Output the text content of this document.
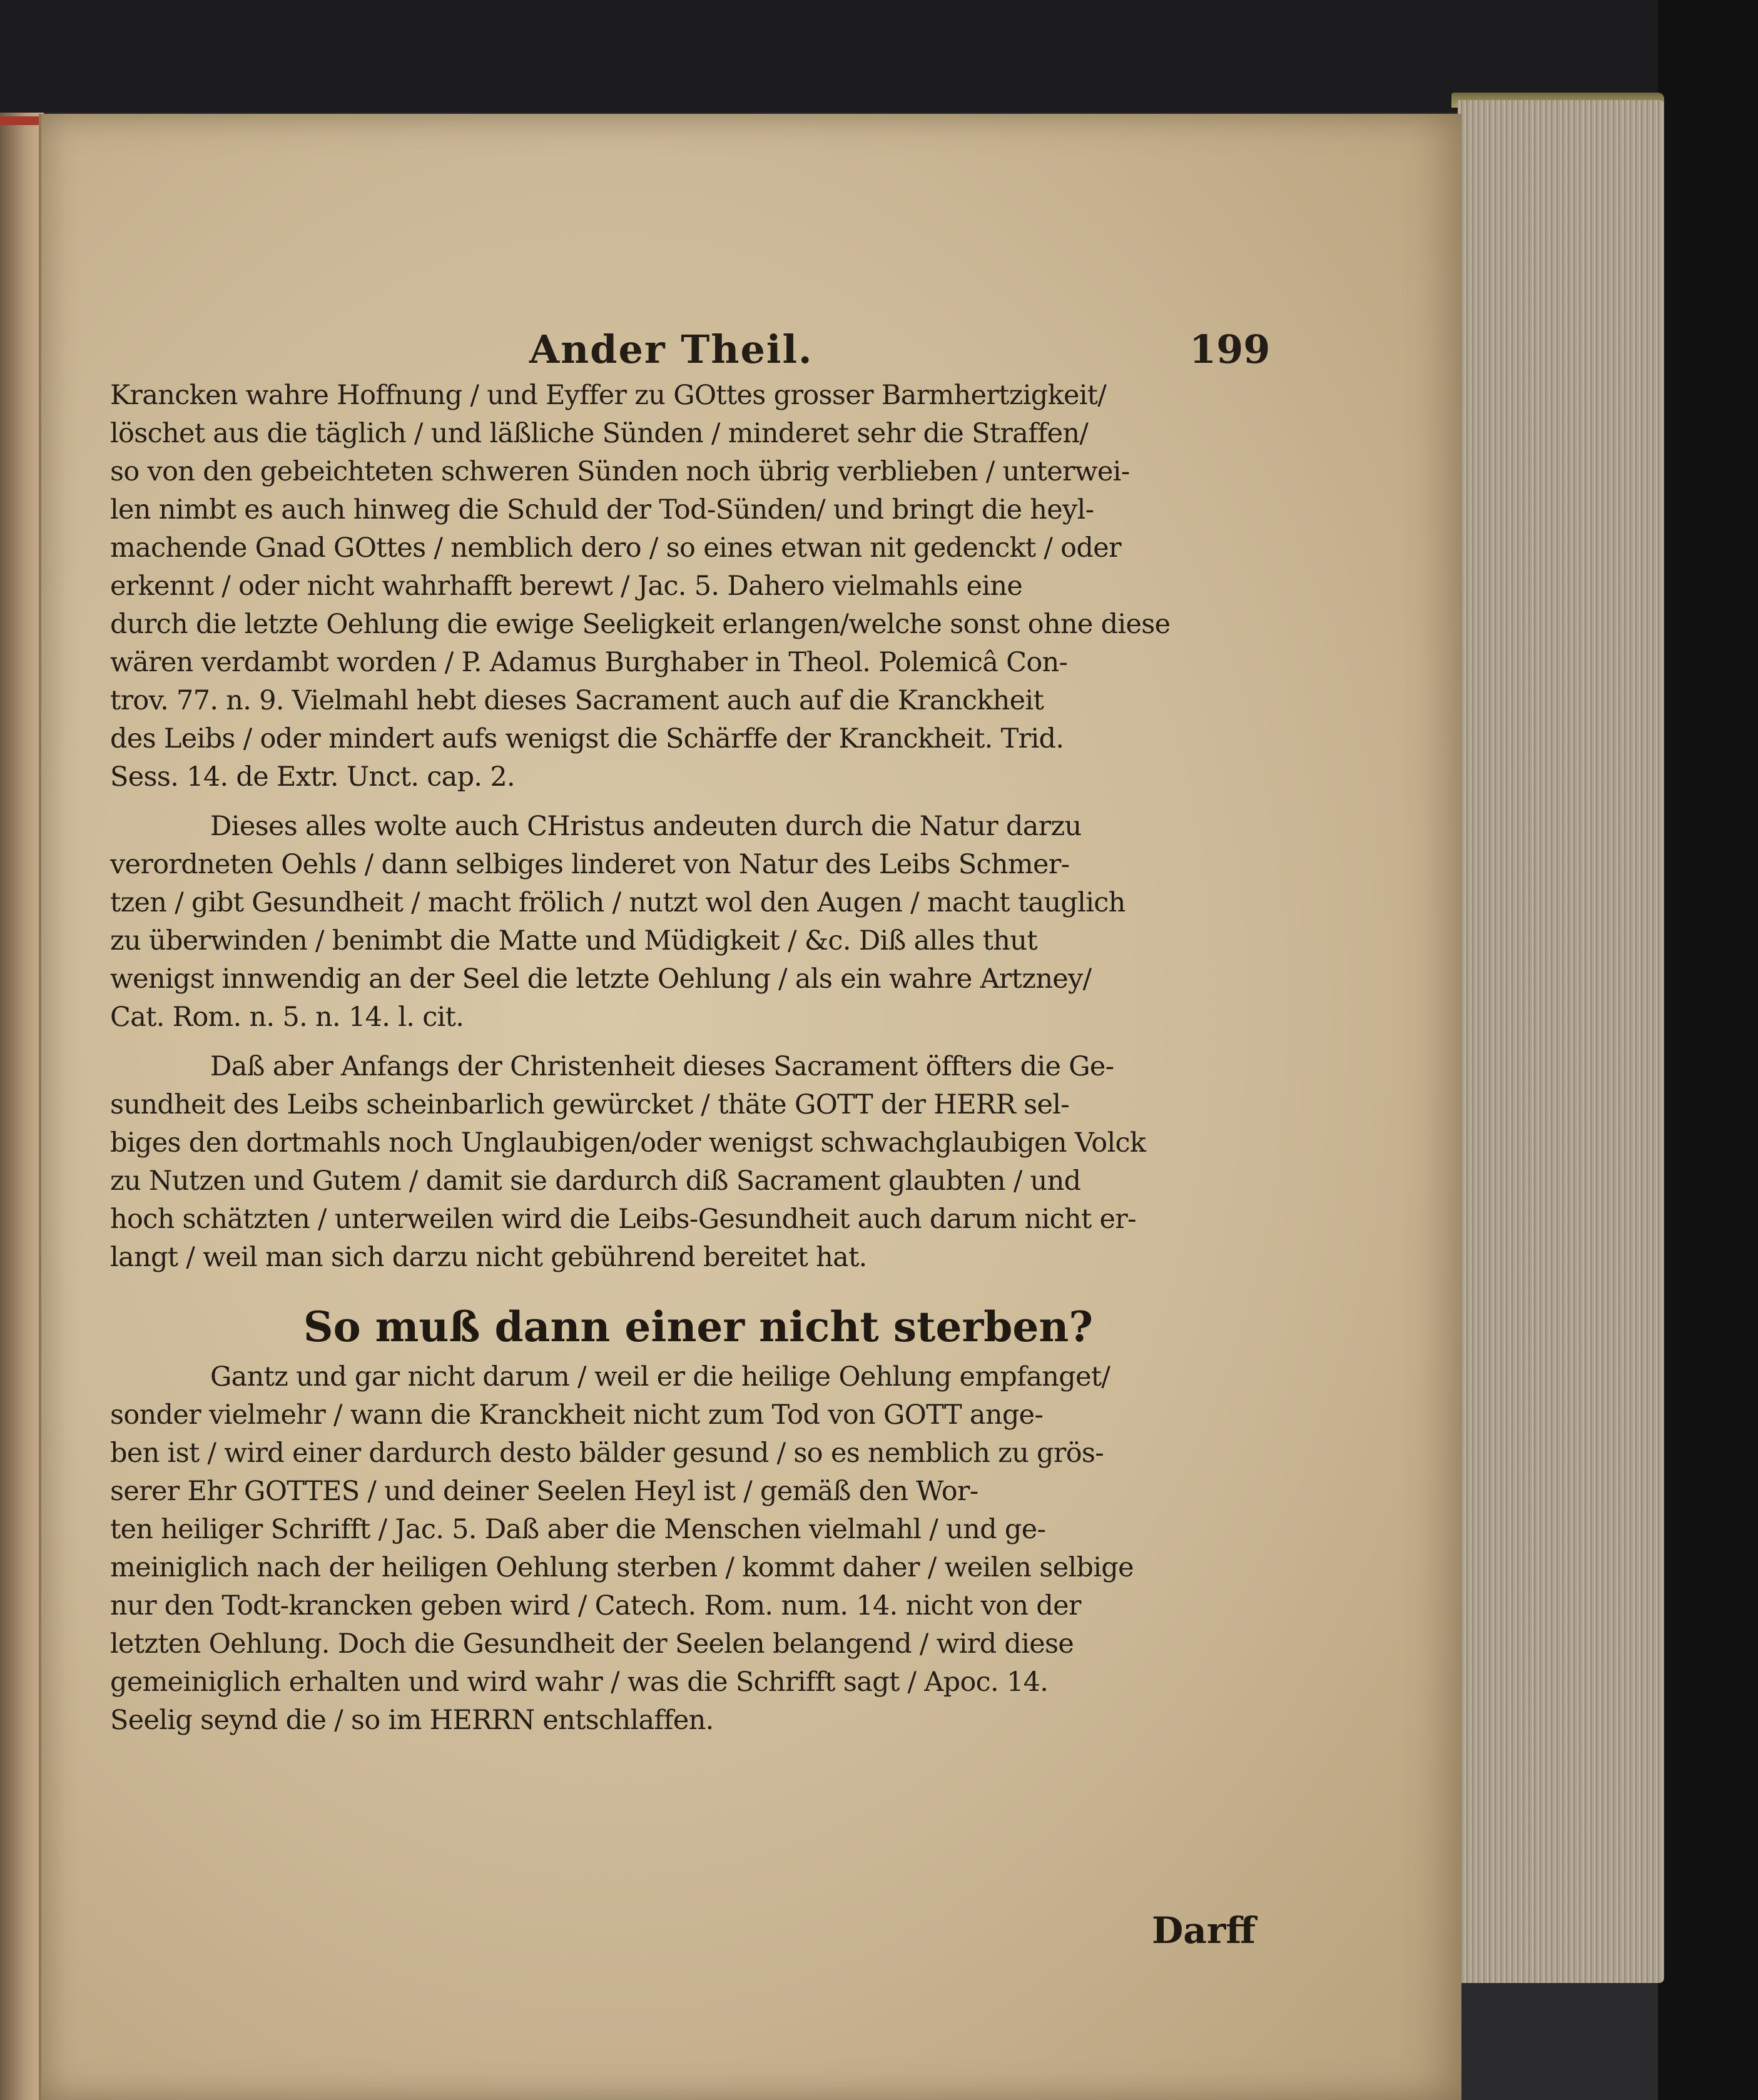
Ander Theil.	199
Krancken wahre Hoffnung / und Eyffer zu GOttes grosser Barmhertzigkeit/
löschet aus die täglich / und läßliche Sünden / minderet sehr die Straffen/
so von den gebeichteten schweren Sünden noch übrig verblieben / unterwei-
len nimbt es auch hinweg die Schuld der Tod-Sünden/ und bringt die heyl-
machende Gnad GOttes / nemblich dero / so eines etwan nit gedenckt / oder
erkennt / oder nicht wahrhafft berewt / Jac. 5. Dahero vielmahls eine
durch die letzte Oehlung die ewige Seeligkeit erlangen/welche sonst ohne diese
wären verdambt worden / P. Adamus Burghaber in Theol. Polemicâ Con-
trov. 77. n. 9. Vielmahl hebt dieses Sacrament auch auf die Kranckheit
des Leibs / oder mindert aufs wenigst die Schärffe der Kranckheit. Trid.
Sess. 14. de Extr. Unct. cap. 2.
Dieses alles wolte auch CHristus andeuten durch die Natur darzu
verordneten Oehls / dann selbiges linderet von Natur des Leibs Schmer-
tzen / gibt Gesundheit / macht frölich / nutzt wol den Augen / macht tauglich
zu überwinden / benimbt die Matte und Müdigkeit / &c. Diß alles thut
wenigst innwendig an der Seel die letzte Oehlung / als ein wahre Artzney/
Cat. Rom. n. 5. n. 14. l. cit.
Daß aber Anfangs der Christenheit dieses Sacrament öffters die Ge-
sundheit des Leibs scheinbarlich gewürcket / thäte GOTT der HERR sel-
biges den dortmahls noch Unglaubigen/oder wenigst schwachglaubigen Volck
zu Nutzen und Gutem / damit sie dardurch diß Sacrament glaubten / und
hoch schätzten / unterweilen wird die Leibs-Gesundheit auch darum nicht er-
langt / weil man sich darzu nicht gebührend bereitet hat.
So muß dann einer nicht sterben?
Gantz und gar nicht darum / weil er die heilige Oehlung empfanget/
sonder vielmehr / wann die Kranckheit nicht zum Tod von GOTT ange-
ben ist / wird einer dardurch desto bälder gesund / so es nemblich zu grös-
serer Ehr GOTTES / und deiner Seelen Heyl ist / gemäß den Wor-
ten heiliger Schrifft / Jac. 5. Daß aber die Menschen vielmahl / und ge-
meiniglich nach der heiligen Oehlung sterben / kommt daher / weilen selbige
nur den Todt-krancken geben wird / Catech. Rom. num. 14. nicht von der
letzten Oehlung. Doch die Gesundheit der Seelen belangend / wird diese
gemeiniglich erhalten und wird wahr / was die Schrifft sagt / Apoc. 14.
Seelig seynd die / so im HERRN entschlaffen.
Darff
